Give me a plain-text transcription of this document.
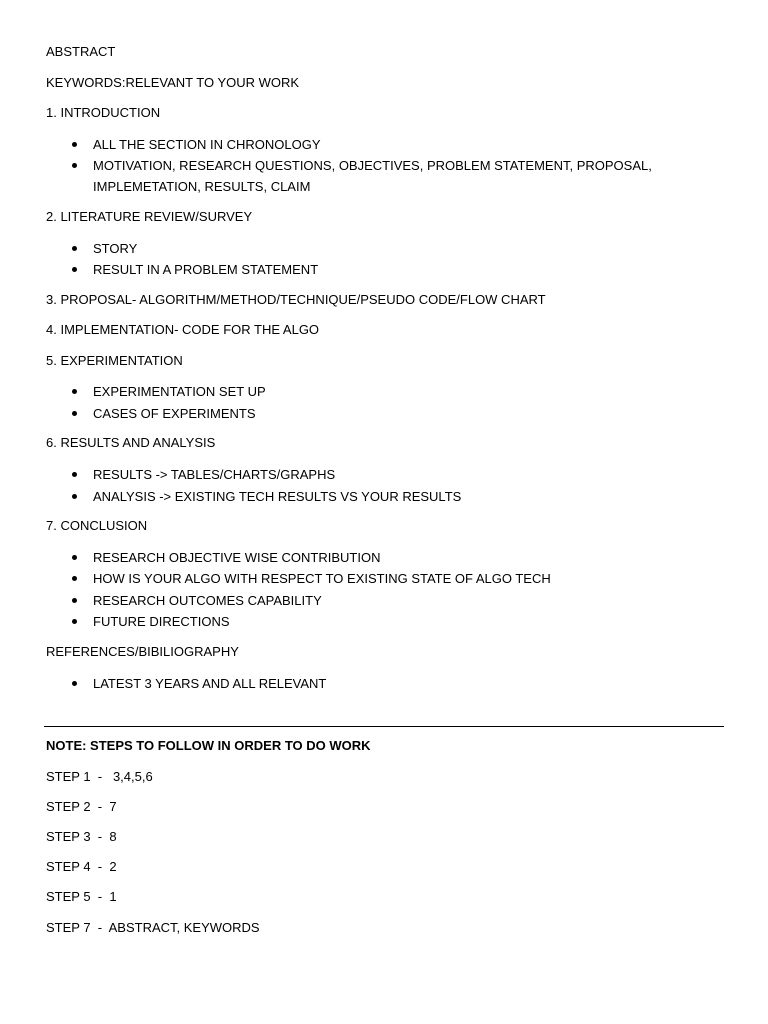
ABSTRACT
KEYWORDS:RELEVANT TO YOUR WORK
1. INTRODUCTION
ALL THE SECTION IN CHRONOLOGY
MOTIVATION, RESEARCH QUESTIONS, OBJECTIVES, PROBLEM STATEMENT, PROPOSAL, IMPLEMETATION, RESULTS, CLAIM
2. LITERATURE REVIEW/SURVEY
STORY
RESULT IN A PROBLEM STATEMENT
3. PROPOSAL- ALGORITHM/METHOD/TECHNIQUE/PSEUDO CODE/FLOW CHART
4. IMPLEMENTATION- CODE FOR THE ALGO
5. EXPERIMENTATION
EXPERIMENTATION SET UP
CASES OF EXPERIMENTS
6. RESULTS AND ANALYSIS
RESULTS -> TABLES/CHARTS/GRAPHS
ANALYSIS -> EXISTING TECH RESULTS VS YOUR RESULTS
7. CONCLUSION
RESEARCH OBJECTIVE WISE CONTRIBUTION
HOW IS YOUR ALGO WITH RESPECT TO EXISTING STATE OF ALGO TECH
RESEARCH OUTCOMES CAPABILITY
FUTURE DIRECTIONS
REFERENCES/BIBILIOGRAPHY
LATEST 3 YEARS AND ALL RELEVANT
NOTE: STEPS TO FOLLOW IN ORDER TO DO WORK
STEP 1  -   3,4,5,6
STEP 2  -  7
STEP 3  -  8
STEP 4  -  2
STEP 5  -  1
STEP 7  -  ABSTRACT, KEYWORDS
